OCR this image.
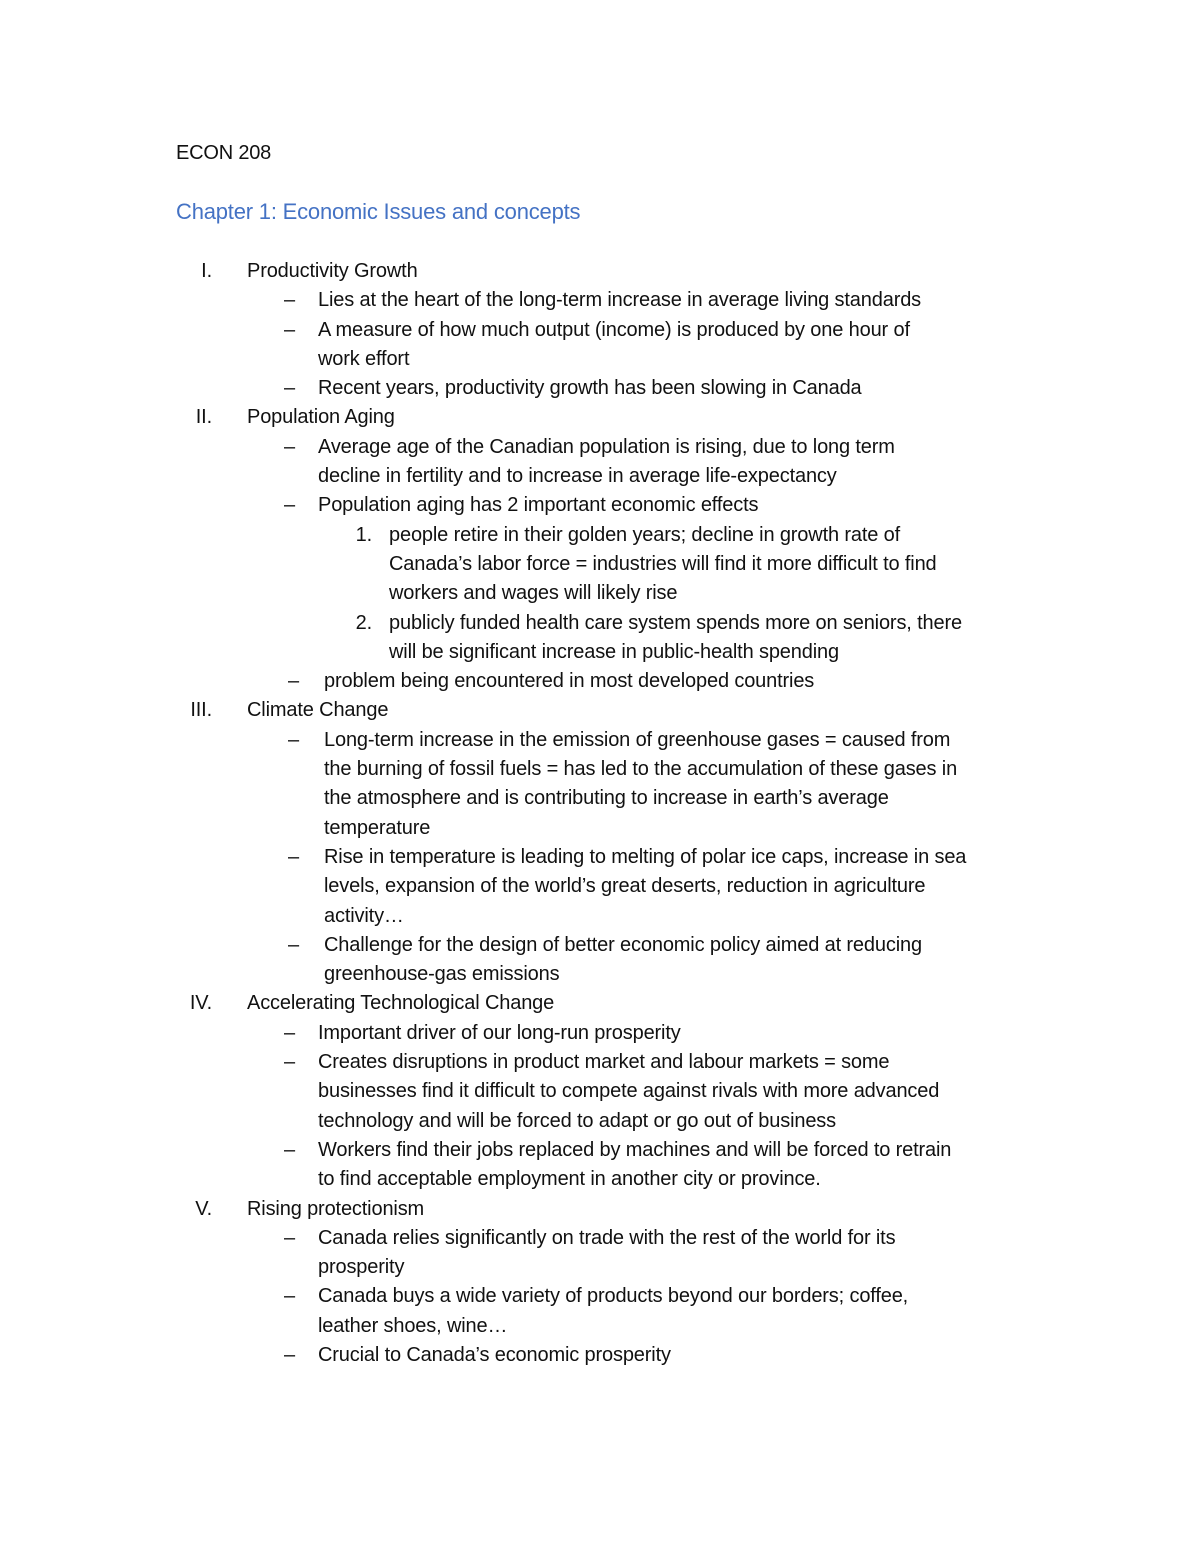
ECON 208
Chapter 1: Economic Issues and concepts
I. Productivity Growth
– Lies at the heart of the long-term increase in average living standards
– A measure of how much output (income) is produced by one hour of
work effort
– Recent years, productivity growth has been slowing in Canada
II. Population Aging
– Average age of the Canadian population is rising, due to long term
decline in fertility and to increase in average life-expectancy
– Population aging has 2 important economic effects
1. people retire in their golden years; decline in growth rate of
Canada’s labor force = industries will find it more difficult to find
workers and wages will likely rise
2. publicly funded health care system spends more on seniors, there
will be significant increase in public-health spending
– problem being encountered in most developed countries
III. Climate Change
– Long-term increase in the emission of greenhouse gases = caused from
the burning of fossil fuels = has led to the accumulation of these gases in
the atmosphere and is contributing to increase in earth’s average
temperature
– Rise in temperature is leading to melting of polar ice caps, increase in sea
levels, expansion of the world’s great deserts, reduction in agriculture
activity…
– Challenge for the design of better economic policy aimed at reducing
greenhouse-gas emissions
IV. Accelerating Technological Change
– Important driver of our long-run prosperity
– Creates disruptions in product market and labour markets = some
businesses find it difficult to compete against rivals with more advanced
technology and will be forced to adapt or go out of business
– Workers find their jobs replaced by machines and will be forced to retrain
to find acceptable employment in another city or province.
V. Rising protectionism
– Canada relies significantly on trade with the rest of the world for its
prosperity
– Canada buys a wide variety of products beyond our borders; coffee,
leather shoes, wine…
– Crucial to Canada’s economic prosperity
